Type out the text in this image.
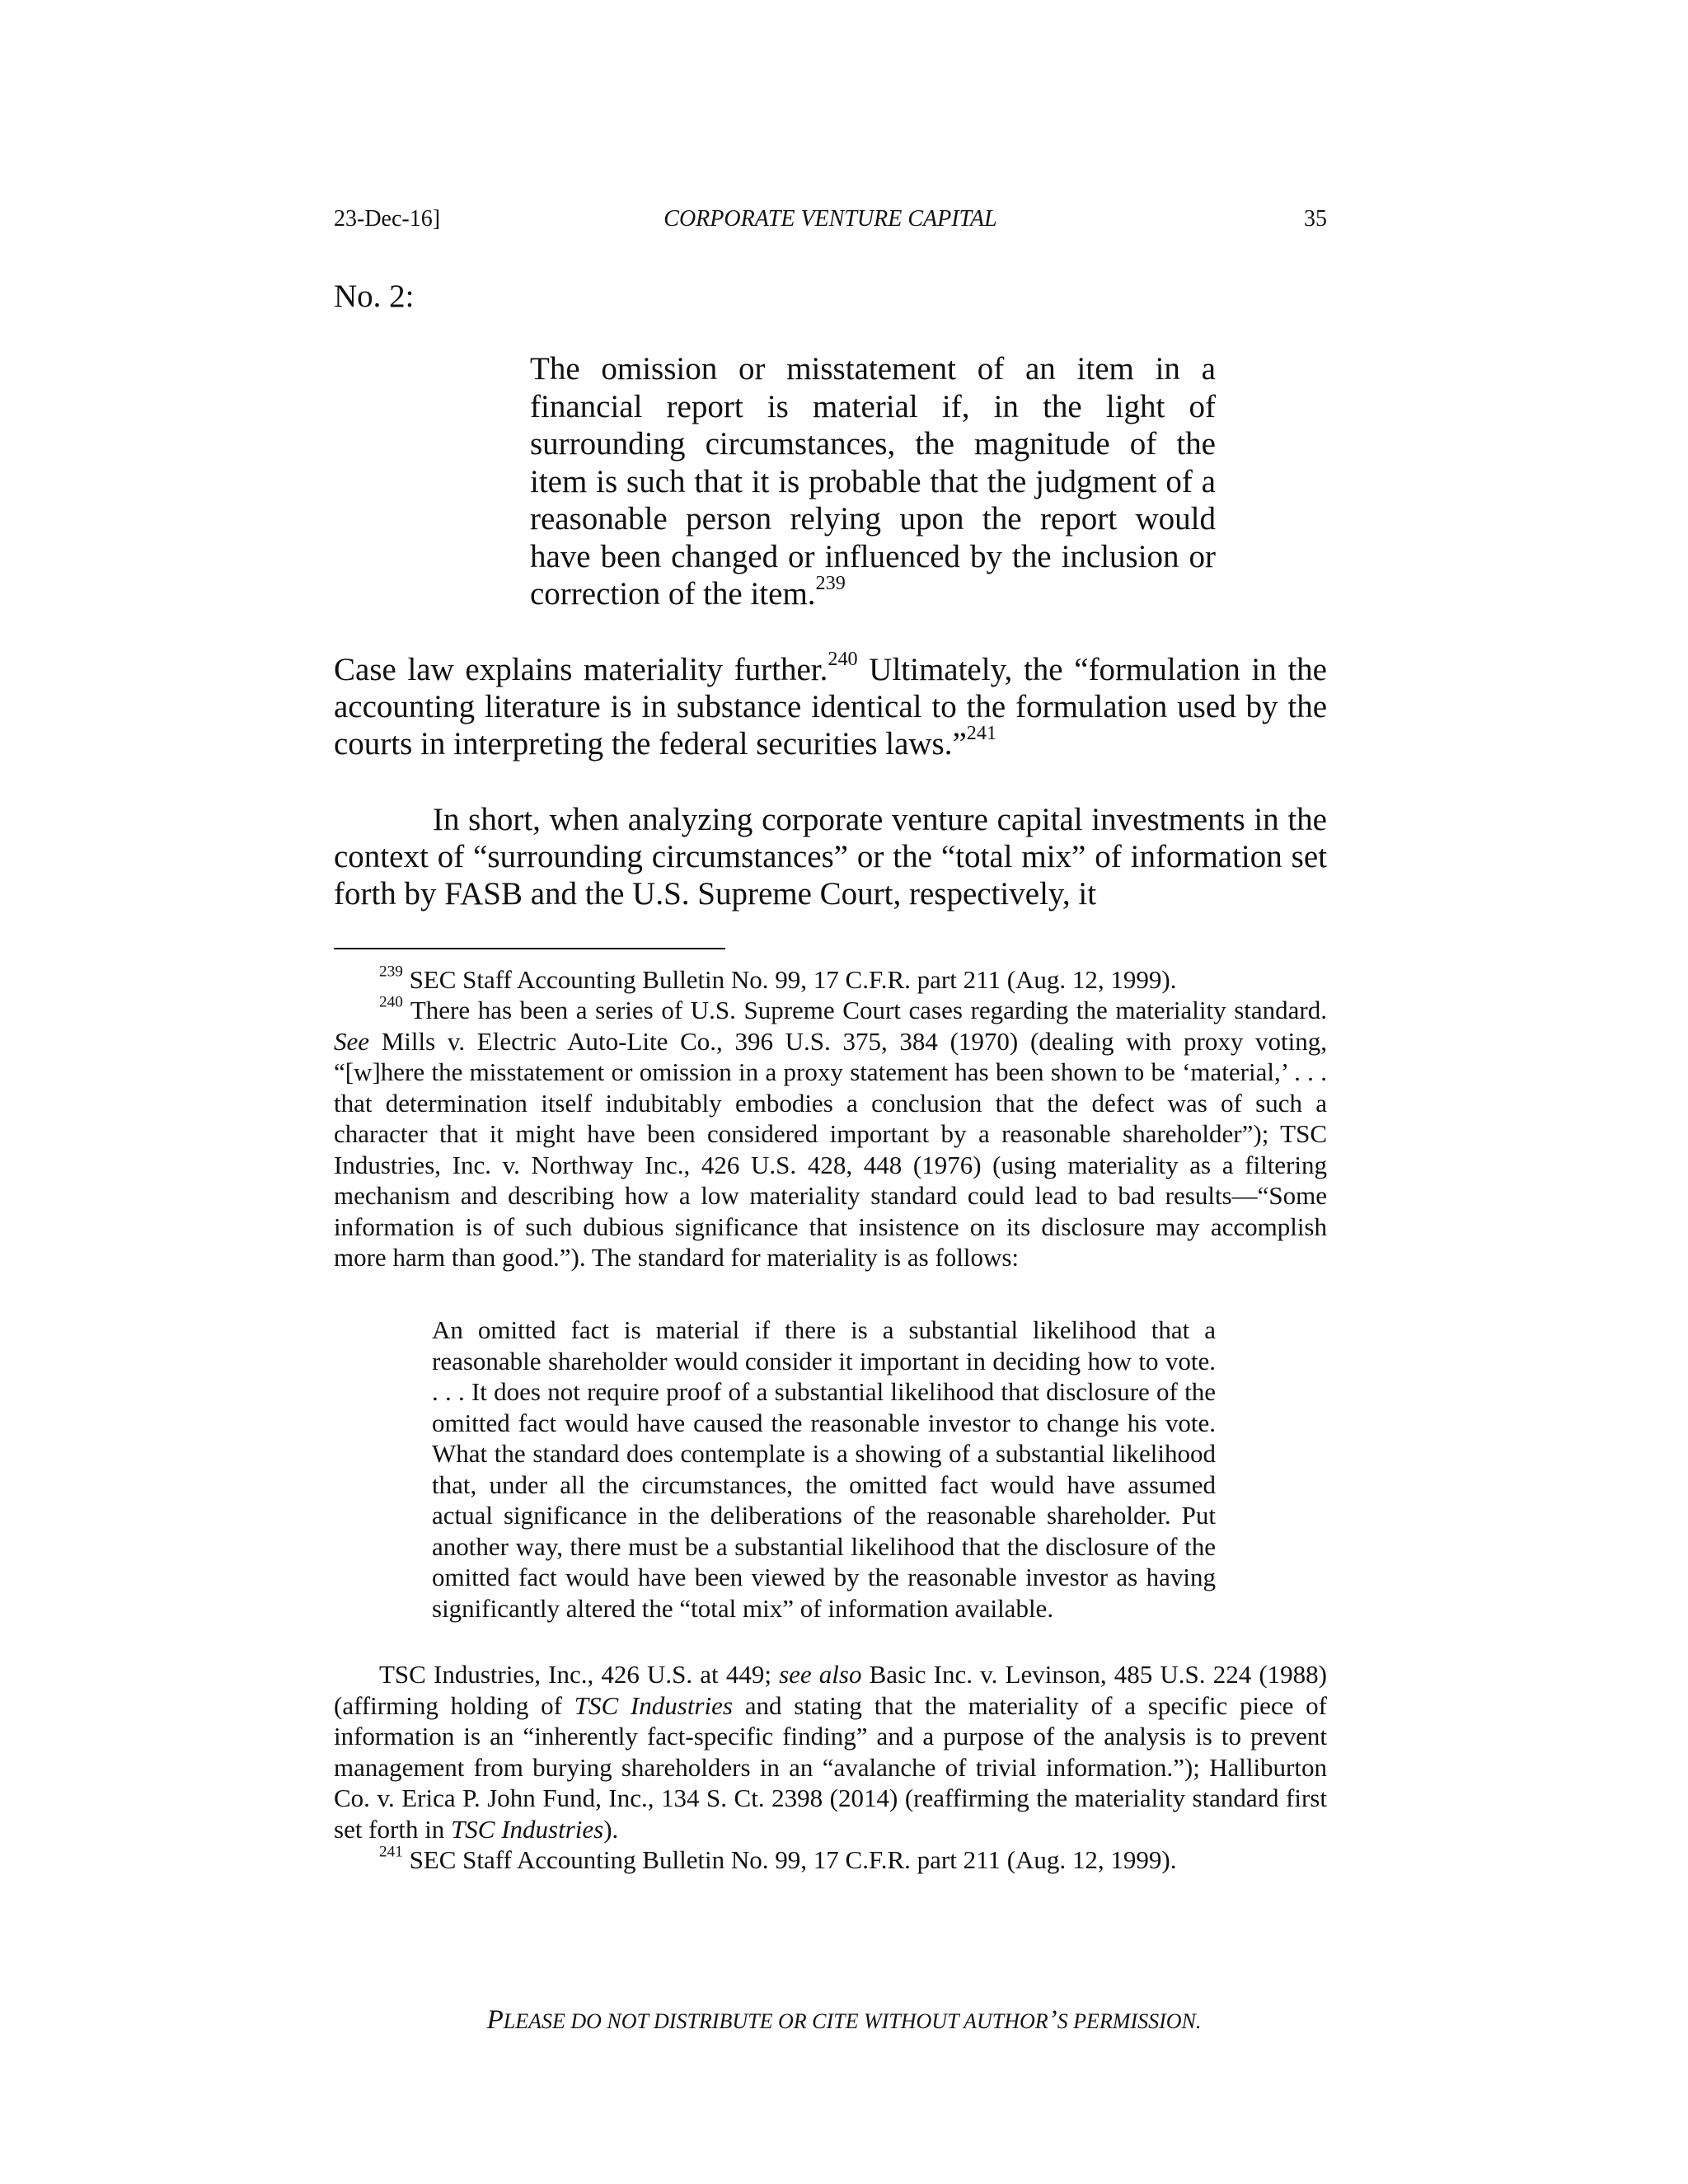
23-Dec-16]	CORPORATE VENTURE CAPITAL	35

No. 2:

The omission or misstatement of an item in a financial report is material if, in the light of surrounding circumstances, the magnitude of the item is such that it is probable that the judgment of a reasonable person relying upon the report would have been changed or influenced by the inclusion or correction of the item.$^{239}$

Case law explains materiality further.$^{240}$ Ultimately, the “formulation in the accounting literature is in substance identical to the formulation used by the courts in interpreting the federal securities laws.”$^{241}$

In short, when analyzing corporate venture capital investments in the context of “surrounding circumstances” or the “total mix” of information set forth by FASB and the U.S. Supreme Court, respectively, it

$^{239}$ SEC Staff Accounting Bulletin No. 99, 17 C.F.R. part 211 (Aug. 12, 1999).

$^{240}$ There has been a series of U.S. Supreme Court cases regarding the materiality standard. See Mills v. Electric Auto-Lite Co., 396 U.S. 375, 384 (1970) (dealing with proxy voting, “[w]here the misstatement or omission in a proxy statement has been shown to be ‘material,’ . . . that determination itself indubitably embodies a conclusion that the defect was of such a character that it might have been considered important by a reasonable shareholder”); TSC Industries, Inc. v. Northway Inc., 426 U.S. 428, 448 (1976) (using materiality as a filtering mechanism and describing how a low materiality standard could lead to bad results—“Some information is of such dubious significance that insistence on its disclosure may accomplish more harm than good.”). The standard for materiality is as follows:

An omitted fact is material if there is a substantial likelihood that a reasonable shareholder would consider it important in deciding how to vote. . . . It does not require proof of a substantial likelihood that disclosure of the omitted fact would have caused the reasonable investor to change his vote. What the standard does contemplate is a showing of a substantial likelihood that, under all the circumstances, the omitted fact would have assumed actual significance in the deliberations of the reasonable shareholder. Put another way, there must be a substantial likelihood that the disclosure of the omitted fact would have been viewed by the reasonable investor as having significantly altered the “total mix” of information available.

TSC Industries, Inc., 426 U.S. at 449; see also Basic Inc. v. Levinson, 485 U.S. 224 (1988) (affirming holding of TSC Industries and stating that the materiality of a specific piece of information is an “inherently fact-specific finding” and a purpose of the analysis is to prevent management from burying shareholders in an “avalanche of trivial information.”); Halliburton Co. v. Erica P. John Fund, Inc., 134 S. Ct. 2398 (2014) (reaffirming the materiality standard first set forth in TSC Industries).

$^{241}$ SEC Staff Accounting Bulletin No. 99, 17 C.F.R. part 211 (Aug. 12, 1999).

PLEASE DO NOT DISTRIBUTE OR CITE WITHOUT AUTHOR’S PERMISSION.
